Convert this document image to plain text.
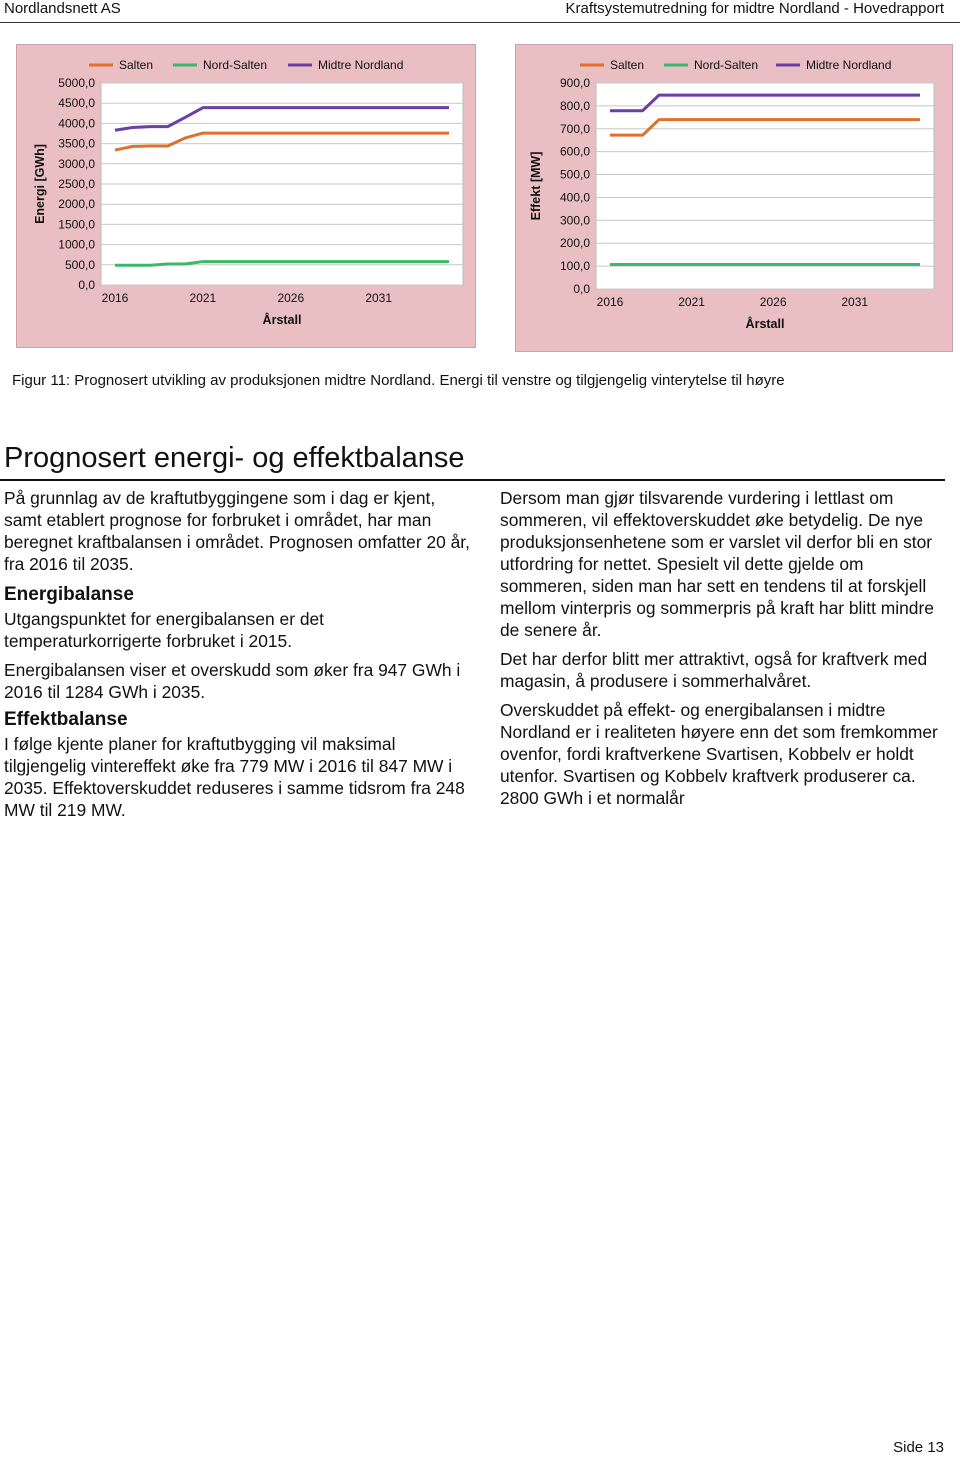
Nordlandsnett AS	Kraftsystemutredning for midtre Nordland - Hovedrapport
0,0
500,0
1000,0
1500,0
2000,0
2500,0
3000,0
3500,0
4000,0
4500,0
5000,0
2016	2021	2026	2031
Salten	Nord-Salten	Midtre Nordland
Årstall
Energi [GWh]
0,0
100,0
200,0
300,0
400,0
500,0
600,0
700,0
800,0
900,0
2016	2021	2026	2031
Salten	Nord-Salten	Midtre Nordland
Årstall
Effekt [MW]
Figur 11: Prognosert utvikling av produksjonen midtre Nordland. Energi til venstre og tilgjengelig vinterytelse til høyre
Prognosert energi- og effektbalanse

På grunnlag av de kraftutbyggingene som i dag er kjent, samt etablert prognose for forbruket i området, har man beregnet kraftbalansen i området. Prognosen omfatter 20 år, fra 2016 til 2035.

Energibalanse

Utgangspunktet for energibalansen er det temperaturkorrigerte forbruket i 2015.

Energibalansen viser et overskudd som øker fra 947 GWh i 2016 til 1284 GWh i 2035.

Effektbalanse

I følge kjente planer for kraftutbygging vil maksimal tilgjengelig vintereffekt øke fra 779 MW i 2016 til 847 MW i 2035. Effektoverskuddet reduseres i samme tidsrom fra 248 MW til 219 MW.

Dersom man gjør tilsvarende vurdering i lettlast om sommeren, vil effektoverskuddet øke betydelig. De nye produksjonsenhetene som er varslet vil derfor bli en stor utfordring for nettet. Spesielt vil dette gjelde om sommeren, siden man har sett en tendens til at forskjell mellom vinterpris og sommerpris på kraft har blitt mindre de senere år.

Det har derfor blitt mer attraktivt, også for kraftverk med magasin, å produsere i sommerhalvåret.

Overskuddet på effekt- og energibalansen i midtre Nordland er i realiteten høyere enn det som fremkommer ovenfor, fordi kraftverkene Svartisen, Kobbelv er holdt utenfor. Svartisen og Kobbelv kraftverk produserer ca. 2800 GWh i et normalår

Side 13
